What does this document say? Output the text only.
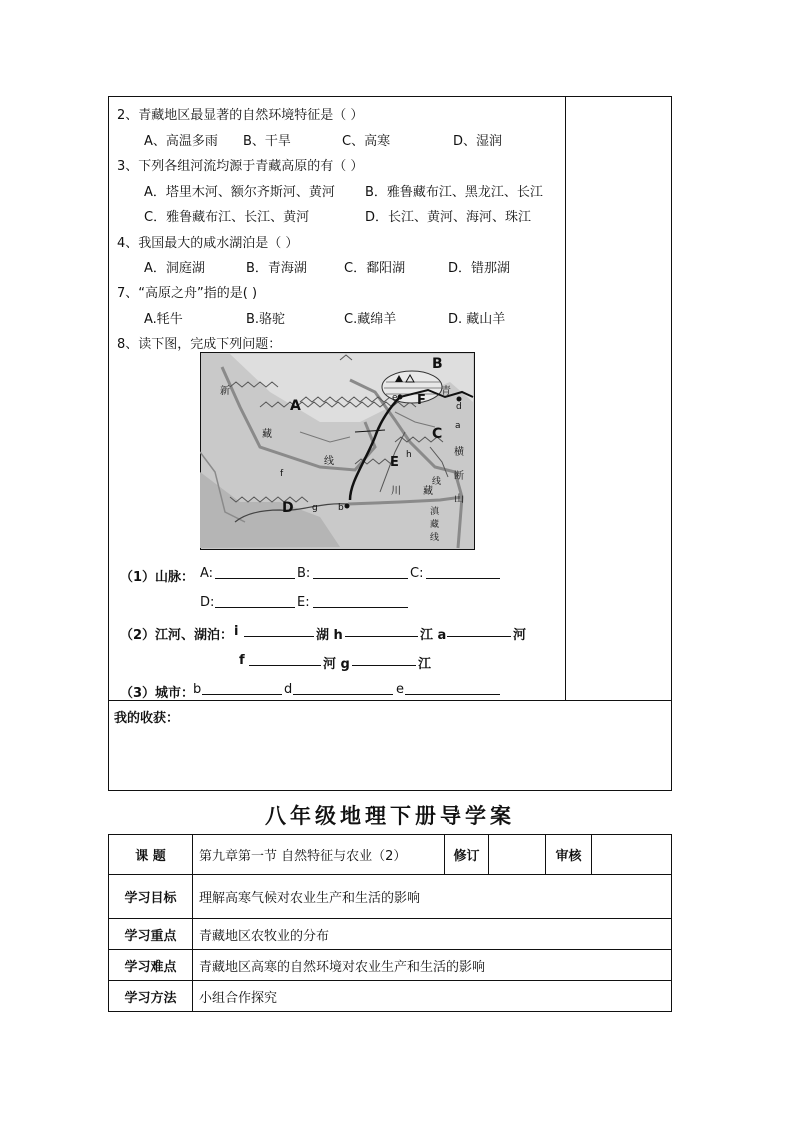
2、青藏地区最显著的自然环境特征是（ ）
A、高温多雨 B、干旱	C、高寒	D、湿润
3、下列各组河流均源于青藏高原的有（ ）
A．塔里木河、额尔齐斯河、黄河 B．雅鲁藏布江、黑龙江、长江
C．雅鲁藏布江、长江、黄河	D．长江、黄河、海河、珠江
4、我国最大的咸水湖泊是（ ）
A．洞庭湖	B．青海湖	C．鄱阳湖	D．错那湖
7、“高原之舟”指的是( )
A.牦牛	B.骆驼	C.藏绵羊	D. 藏山羊
8、读下图，完成下列问题：
B
A
C
D
E
F
a
b
d
e
f
g
h
新
藏
线
青
藏
川
横
断
山
线
滇
藏
线
（1）山脉： A:	B:	C:
D:	E:
（2）江河、湖泊： i	湖 h	江 a	河
f	河 g	江
（3）城市：
b	d	e
我的收获：
八年级地理下册导学案
课 题	第九章第一节 自然特征与农业（2）	修订		审核	
学习目标	理解高寒气候对农业生产和生活的影响				
学习重点	青藏地区农牧业的分布				
学习难点	青藏地区高寒的自然环境对农业生产和生活的影响				
学习方法	小组合作探究				
